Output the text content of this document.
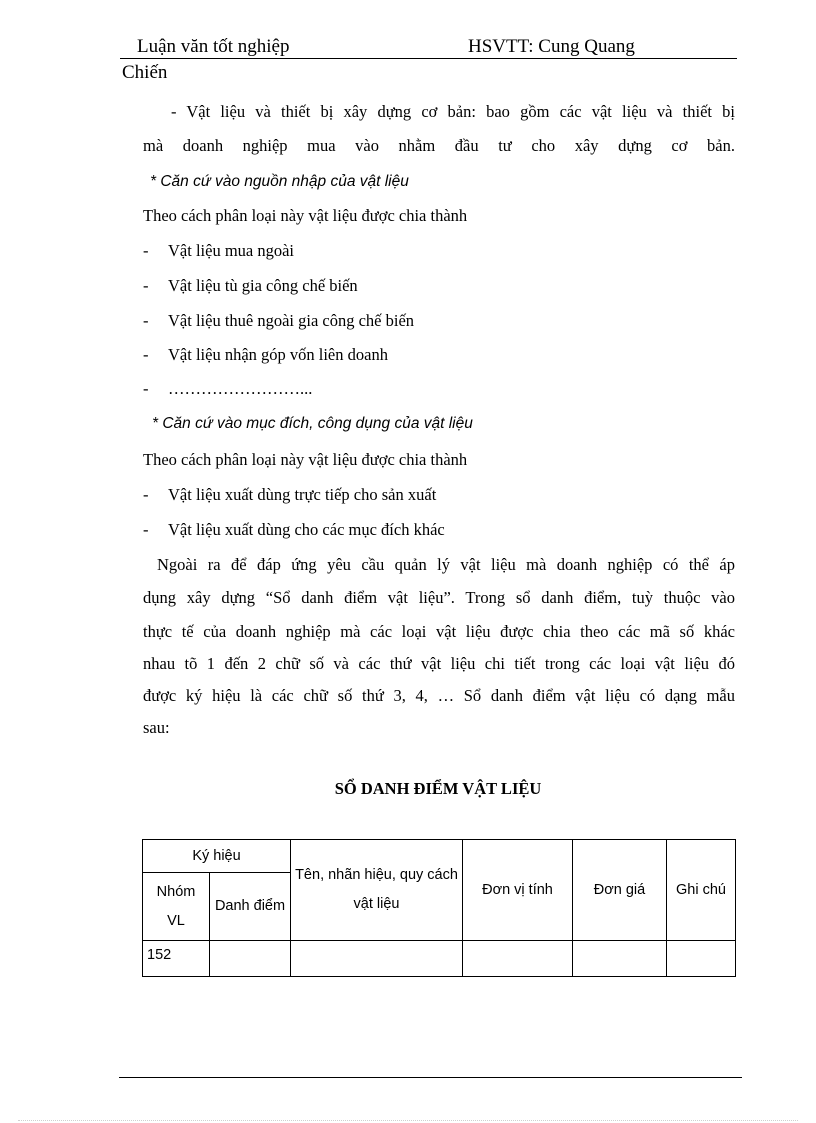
Luận văn tốt nghiệp	HSVTT: Cung Quang
Chiến
- Vật liệu và thiết bị xây dựng cơ bản: bao gồm các vật liệu và thiết bị
mà doanh nghiệp mua vào nhằm đầu tư cho xây dựng cơ bản.
* Căn cứ vào nguồn nhập của vật liệu
Theo cách phân loại này vật liệu được chia thành
- Vật liệu mua ngoài
- Vật liệu tù gia công chế biến
- Vật liệu thuê ngoài gia công chế biến
- Vật liệu nhận góp vốn liên doanh
- ……………………...
* Căn cứ vào mục đích, công dụng của vật liệu
Theo cách phân loại này vật liệu được chia thành
- Vật liệu xuất dùng trực tiếp cho sản xuất
- Vật liệu xuất dùng cho các mục đích khác
Ngoài ra để đáp ứng yêu cầu quản lý vật liệu mà doanh nghiệp có thể áp
dụng xây dựng “Sổ danh điểm vật liệu”. Trong sổ danh điểm, tuỳ thuộc vào
thực tế của doanh nghiệp mà các loại vật liệu được chia theo các mã số khác
nhau tõ 1 đến 2 chữ số và các thứ vật liệu chi tiết trong các loại vật liệu đó
được ký hiệu là các chữ số thứ 3, 4, … Sổ danh điểm vật liệu có dạng mẫu
sau:
SỔ DANH ĐIỂM VẬT LIỆU
Ký hiệu		Tên, nhãn hiệu, quy cách vật liệu	Đơn vị tính	Đơn giá	Ghi chú
Nhóm VL	Danh điểm				
152					
